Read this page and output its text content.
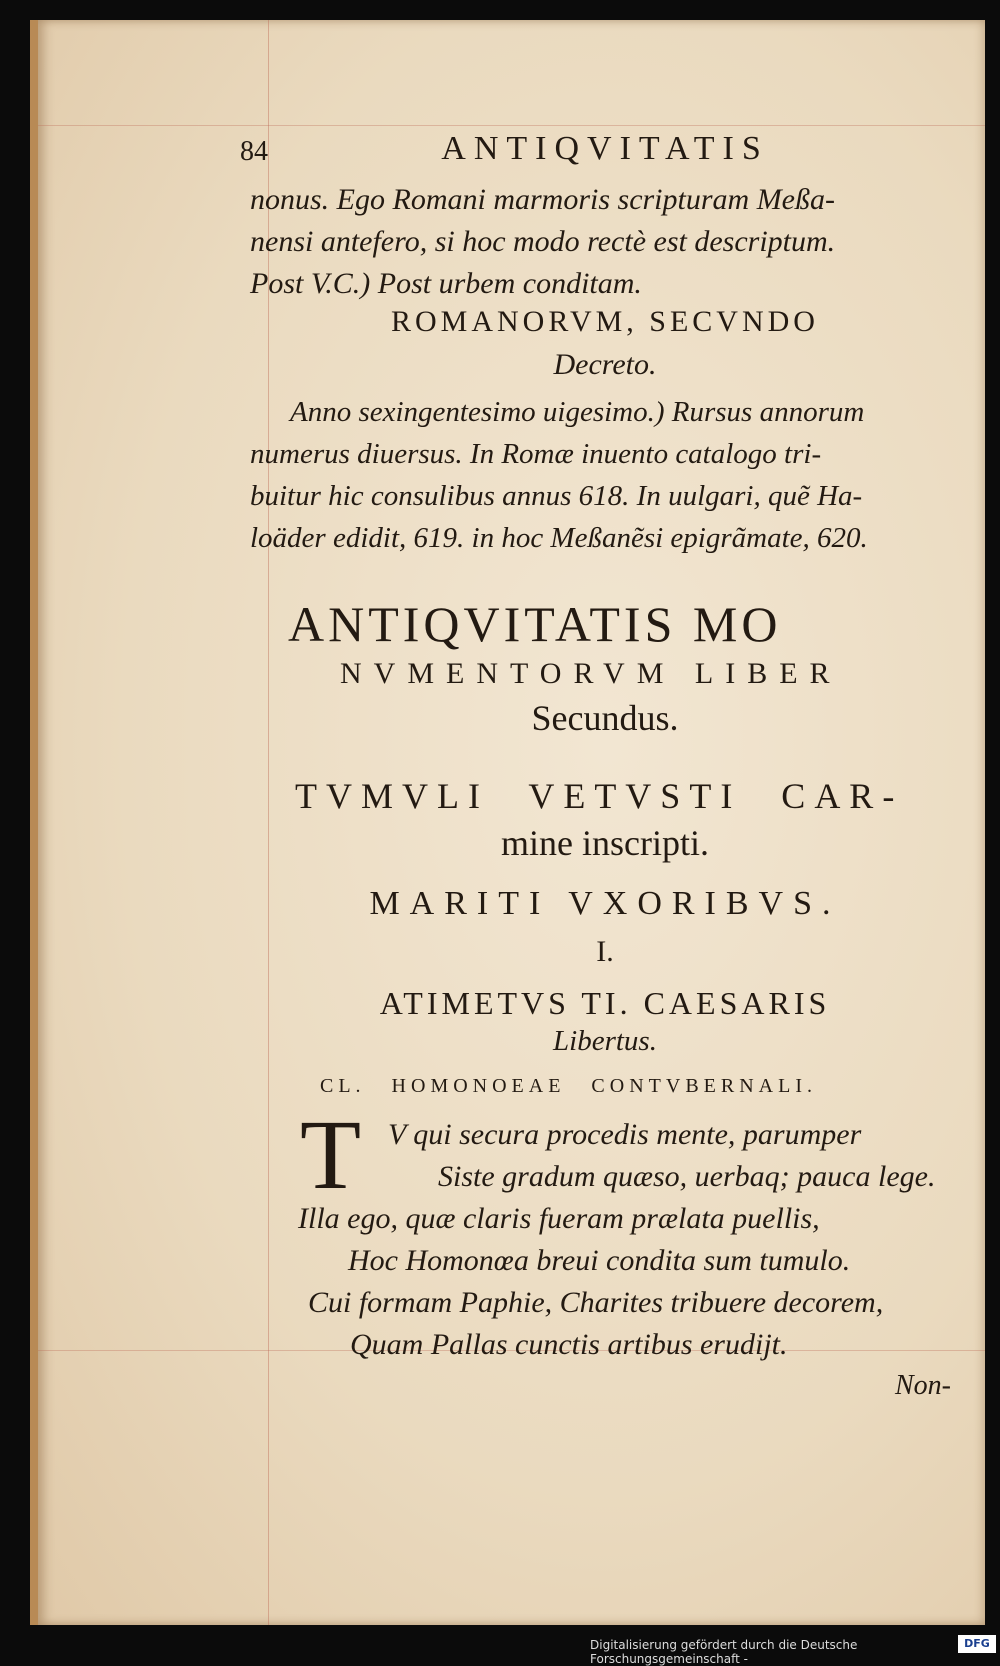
84	ANTIQVITATIS
nonus. Ego Romani marmoris scripturam Meßa-
nensi antefero, si hoc modo rectè est descriptum.
Post V.C.) Post urbem conditam.
ROMANORVM, SECVNDO
Decreto.
Anno sexingentesimo uigesimo.) Rursus annorum
numerus diuersus. In Romæ inuento catalogo tri-
buitur hic consulibus annus 618. In uulgari, quẽ Ha-
loäder edidit, 619. in hoc Meßanẽsi epigrãmate, 620.
ANTIQVITATIS MO
NVMENTORVM LIBER
Secundus.
TVMVLI VETVSTI CAR-
mine inscripti.
MARITI VXORIBVS.
I.
ATIMETVS TI. CAESARIS
Libertus.
CL. HOMONOEAE CONTVBERNALI.
T V qui secura procedis mente, parumper
Siste gradum quæso, uerbaq; pauca lege.
Illa ego, quæ claris fueram prælata puellis,
Hoc Homonœa breui condita sum tumulo.
Cui formam Paphie, Charites tribuere decorem,
Quam Pallas cunctis artibus erudijt.
Non-
Digitalisierung gefördert durch die Deutsche Forschungsgemeinschaft -
DFG
